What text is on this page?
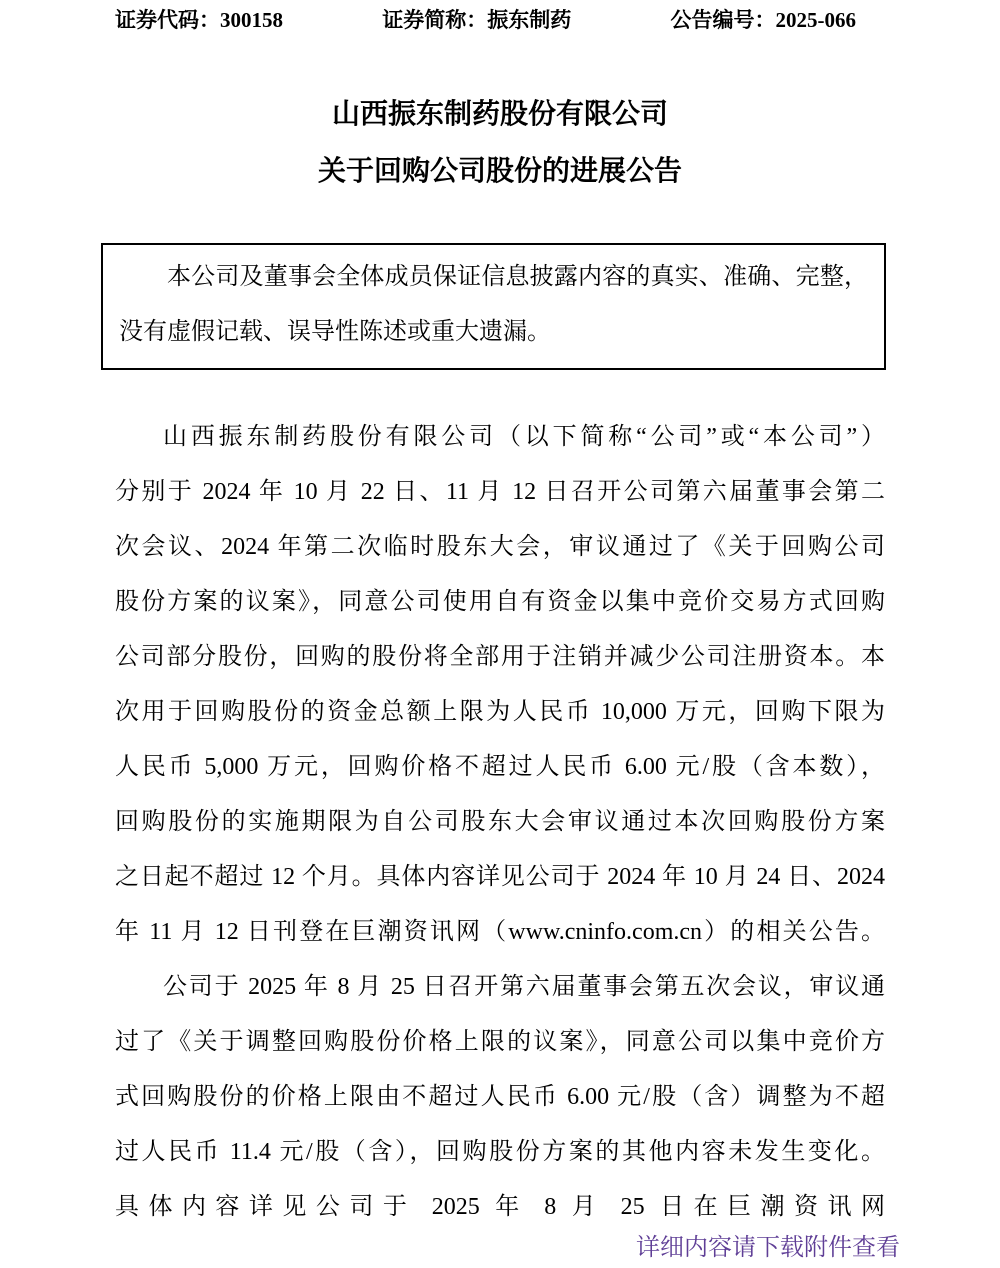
证券代码：300158	证券简称：振东制药	公告编号：2025-066
山西振东制药股份有限公司
关于回购公司股份的进展公告
本公司及董事会全体成员保证信息披露内容的真实、准确、完整，
没有虚假记载、误导性陈述或重大遗漏。
山西振东制药股份有限公司（以下简称“公司”或“本公司”）
分别于 2024 年 10 月 22 日、11 月 12 日召开公司第六届董事会第二
次会议、2024 年第二次临时股东大会，审议通过了《关于回购公司
股份方案的议案》，同意公司使用自有资金以集中竞价交易方式回购
公司部分股份，回购的股份将全部用于注销并减少公司注册资本。本
次用于回购股份的资金总额上限为人民币 10,000 万元，回购下限为
人民币 5,000 万元，回购价格不超过人民币 6.00 元/股（含本数），
回购股份的实施期限为自公司股东大会审议通过本次回购股份方案
之日起不超过 12 个月。具体内容详见公司于 2024 年 10 月 24 日、2024
年 11 月 12 日刊登在巨潮资讯网（www.cninfo.com.cn）的相关公告。
公司于 2025 年 8 月 25 日召开第六届董事会第五次会议，审议通
过了《关于调整回购股份价格上限的议案》，同意公司以集中竞价方
式回购股份的价格上限由不超过人民币 6.00 元/股（含）调整为不超
过人民币 11.4 元/股（含），回购股份方案的其他内容未发生变化。
具体内容详见公司于 2025 年 8 月 25 日在巨潮资讯网
详细内容请下载附件查看
